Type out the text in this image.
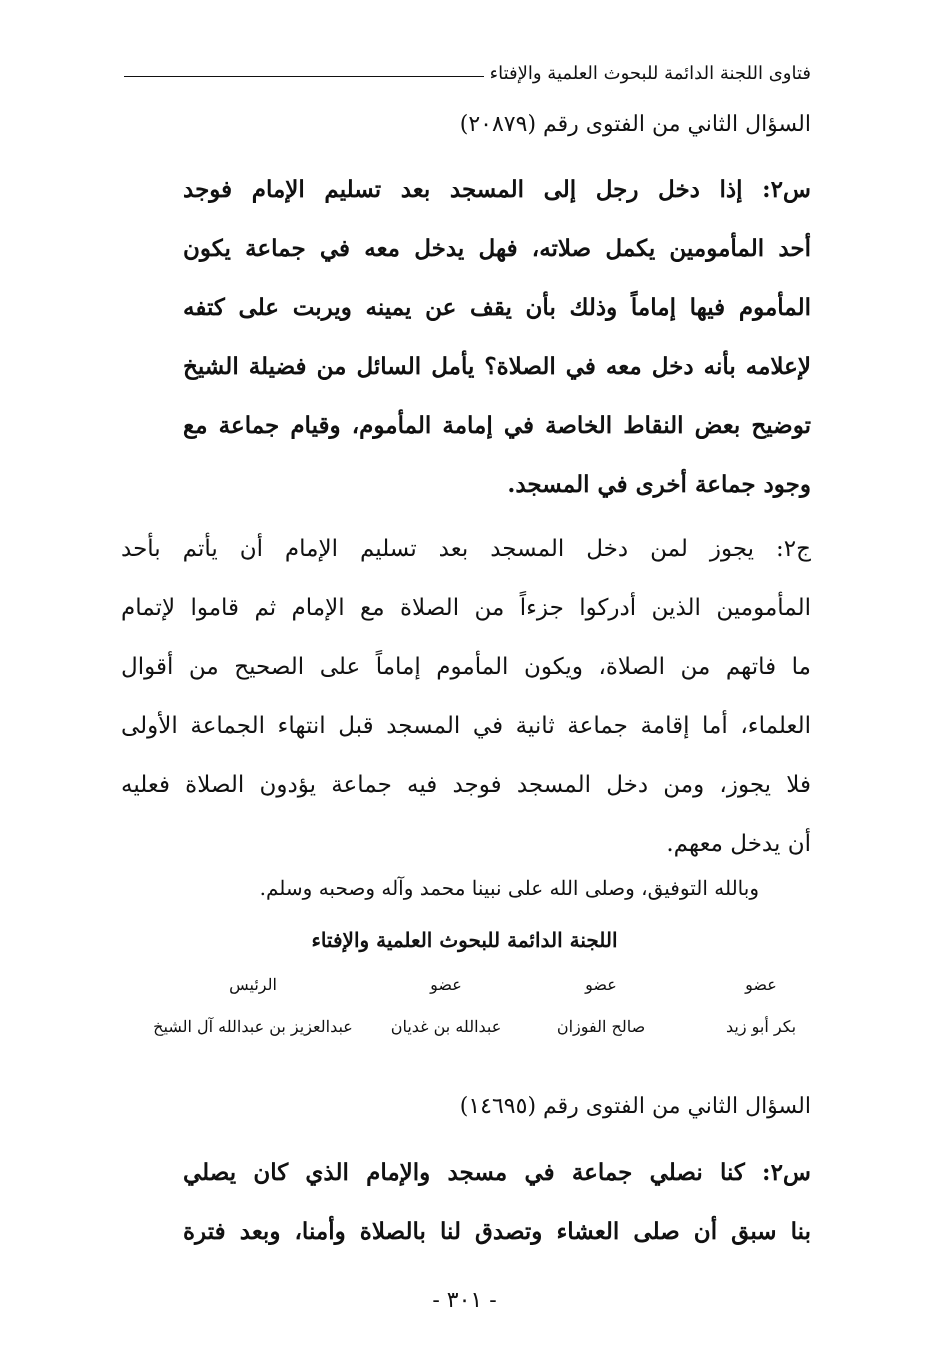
فتاوى اللجنة الدائمة للبحوث العلمية والإفتاء
السؤال الثاني من الفتوى رقم (٢٠٨٧٩)
س٢: إذا دخل رجل إلى المسجد بعد تسليم الإمام فوجد
أحد المأمومين يكمل صلاته، فهل يدخل معه في جماعة يكون
المأموم فيها إماماً وذلك بأن يقف عن يمينه ويربت على كتفه
لإعلامه بأنه دخل معه في الصلاة؟ يأمل السائل من فضيلة الشيخ
توضيح بعض النقاط الخاصة في إمامة المأموم، وقيام جماعة مع
وجود جماعة أخرى في المسجد.
ج٢: يجوز لمن دخل المسجد بعد تسليم الإمام أن يأتم بأحد
المأمومين الذين أدركوا جزءاً من الصلاة مع الإمام ثم قاموا لإتمام
ما فاتهم من الصلاة، ويكون المأموم إماماً على الصحيح من أقوال
العلماء، أما إقامة جماعة ثانية في المسجد قبل انتهاء الجماعة الأولى
فلا يجوز، ومن دخل المسجد فوجد فيه جماعة يؤدون الصلاة فعليه
أن يدخل معهم.
وبالله التوفيق، وصلى الله على نبينا محمد وآله وصحبه وسلم.
اللجنة الدائمة للبحوث العلمية والإفتاء
عضو
عضو
عضو
الرئيس
بكر أبو زيد
صالح الفوزان
عبدالله بن غديان
عبدالعزيز بن عبدالله آل الشيخ
السؤال الثاني من الفتوى رقم (١٤٦٩٥)
س٢: كنا نصلي جماعة في مسجد والإمام الذي كان يصلي
بنا سبق أن صلى العشاء وتصدق لنا بالصلاة وأمنا، وبعد فترة
- ٣٠١ -
